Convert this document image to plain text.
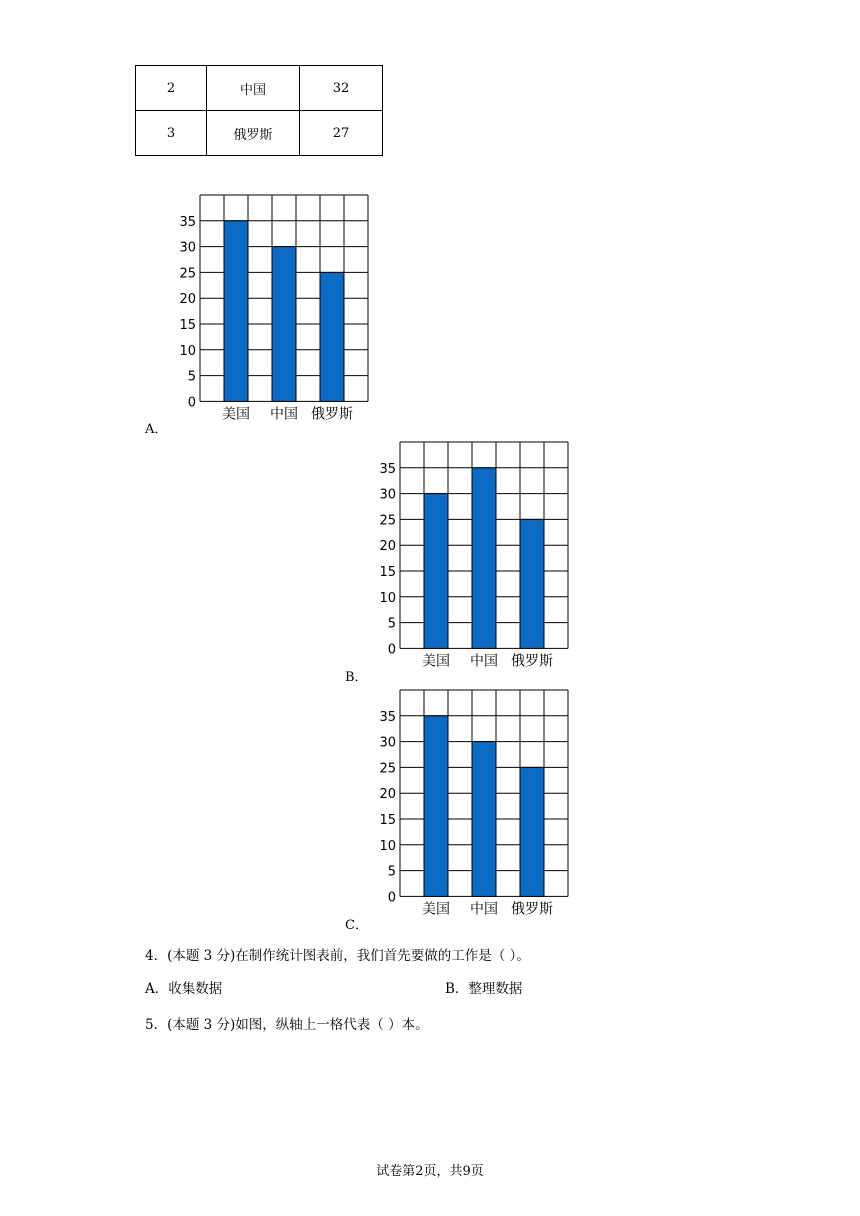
2	中国	32
3	俄罗斯	27
0
5
10
15
20
25
30
35
美国 中国 俄罗斯
A．
0
5
10
15
20
25
30
35
美国 中国 俄罗斯
B．
0
5
10
15
20
25
30
35
美国 中国 俄罗斯
C．
4．(本题 3 分)在制作统计图表前，我们首先要做的工作是（ ）。
A．收集数据	B．整理数据
5．(本题 3 分)如图，纵轴上一格代表（ ）本。
试卷第2页，共9页
